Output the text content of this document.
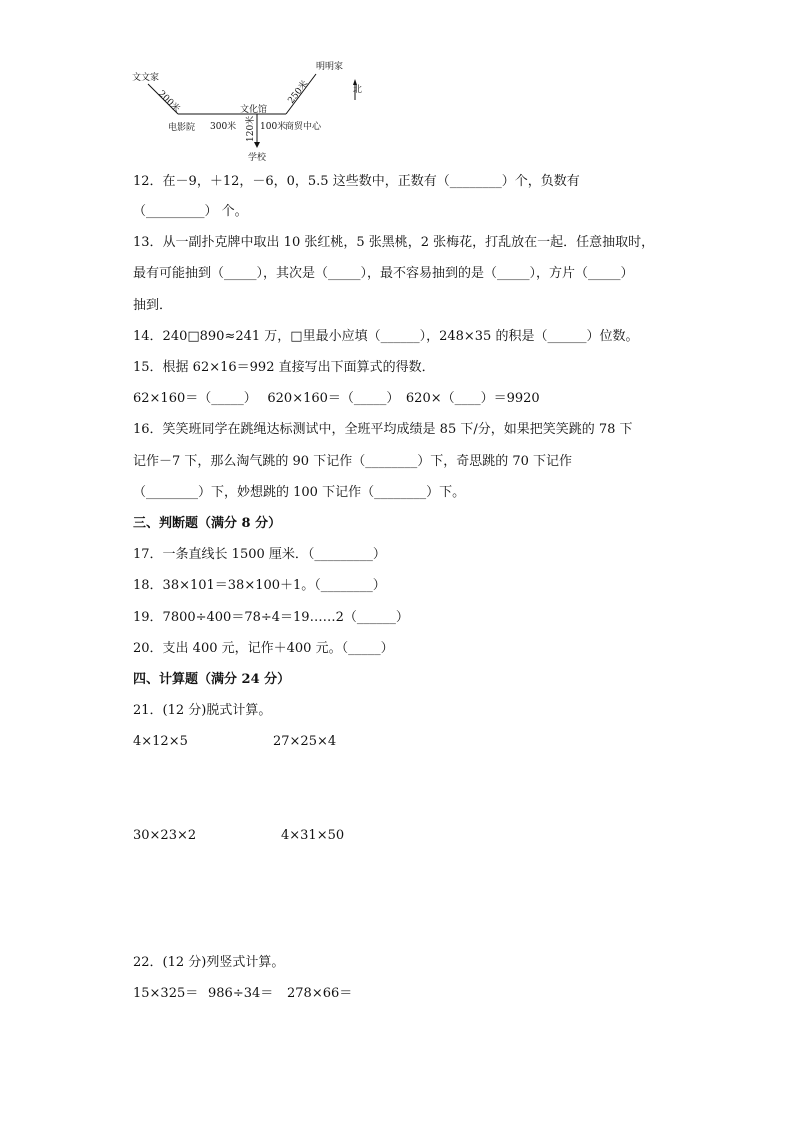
文文家
200米
电影院 300米
文化馆
120米 100米
商贸中心
学校
250米
明明家
北
12．在－9，＋12，－6，0，5.5 这些数中，正数有（________）个，负数有
（_________） 个。
13．从一副扑克牌中取出 10 张红桃，5 张黑桃，2 张梅花，打乱放在一起．任意抽取时，
最有可能抽到（_____），其次是（_____），最不容易抽到的是（_____），方片（_____）
抽到．
14．240□890≈241 万，□里最小应填（______），248×35 的积是（______）位数。
15．根据 62×16＝992 直接写出下面算式的得数．
62×160＝（_____）　 620×160＝（_____）　620×（____）＝9920
16．笑笑班同学在跳绳达标测试中，全班平均成绩是 85 下/分，如果把笑笑跳的 78 下
记作－7 下，那么淘气跳的 90 下记作（________）下，奇思跳的 70 下记作
（________）下，妙想跳的 100 下记作（________）下。
三、判断题（满分 8 分）
17．一条直线长 1500 厘米．（_________）
18．38×101＝38×100＋1。（________）
19．7800÷400＝78÷4＝19……2（______）
20．支出 400 元，记作＋400 元。（_____）
四、计算题（满分 24 分）
21．(12 分)脱式计算。
4×12×5	27×25×4
30×23×2	4×31×50
22．(12 分)列竖式计算。
15×325＝ 986÷34＝ 278×66＝
